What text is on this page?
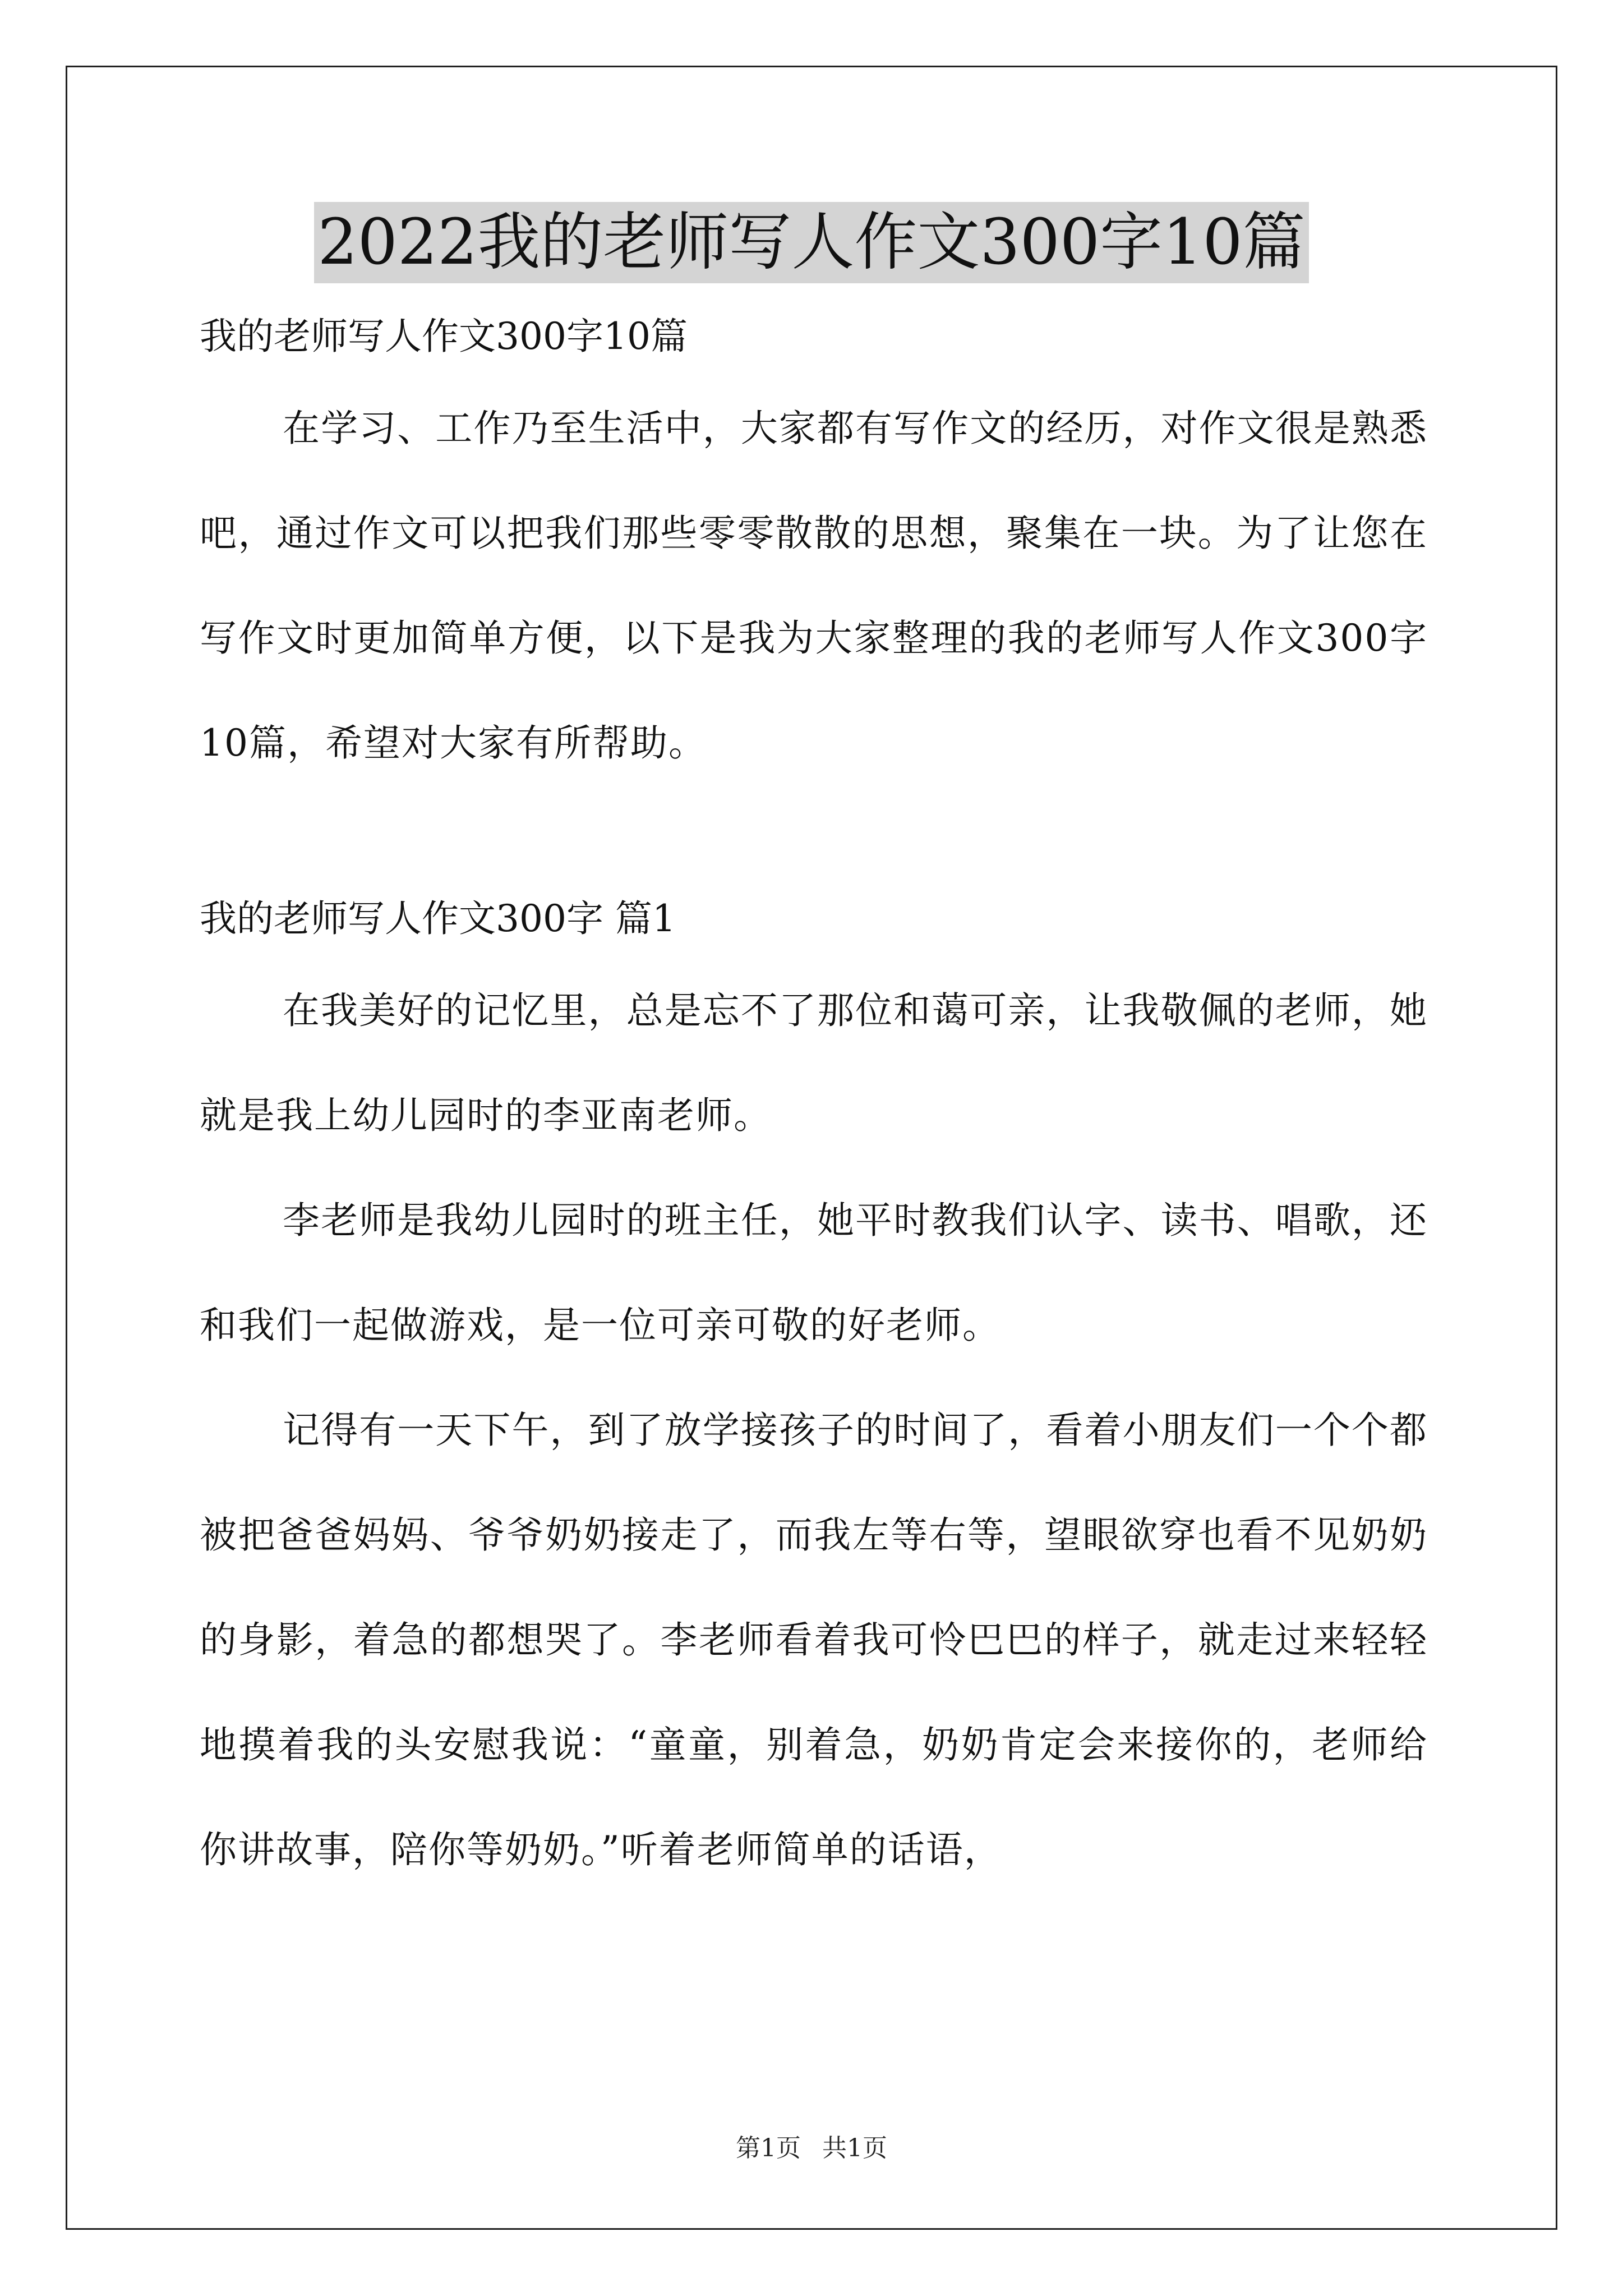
2022我的老师写人作文300字10篇

我的老师写人作文300字10篇

在学习、工作乃至生活中，大家都有写作文的经历，对作文很是熟悉吧，通过作文可以把我们那些零零散散的思想，聚集在一块。为了让您在写作文时更加简单方便，以下是我为大家整理的我的老师写人作文300字10篇，希望对大家有所帮助。

我的老师写人作文300字 篇1

在我美好的记忆里，总是忘不了那位和蔼可亲，让我敬佩的老师，她就是我上幼儿园时的李亚南老师。

李老师是我幼儿园时的班主任，她平时教我们认字、读书、唱歌，还和我们一起做游戏，是一位可亲可敬的好老师。

记得有一天下午，到了放学接孩子的时间了，看着小朋友们一个个都被把爸爸妈妈、爷爷奶奶接走了，而我左等右等，望眼欲穿也看不见奶奶的身影，着急的都想哭了。李老师看着我可怜巴巴的样子，就走过来轻轻地摸着我的头安慰我说：“童童，别着急，奶奶肯定会来接你的，老师给你讲故事，陪你等奶奶。”听着老师简单的话语，

第1页 共1页
